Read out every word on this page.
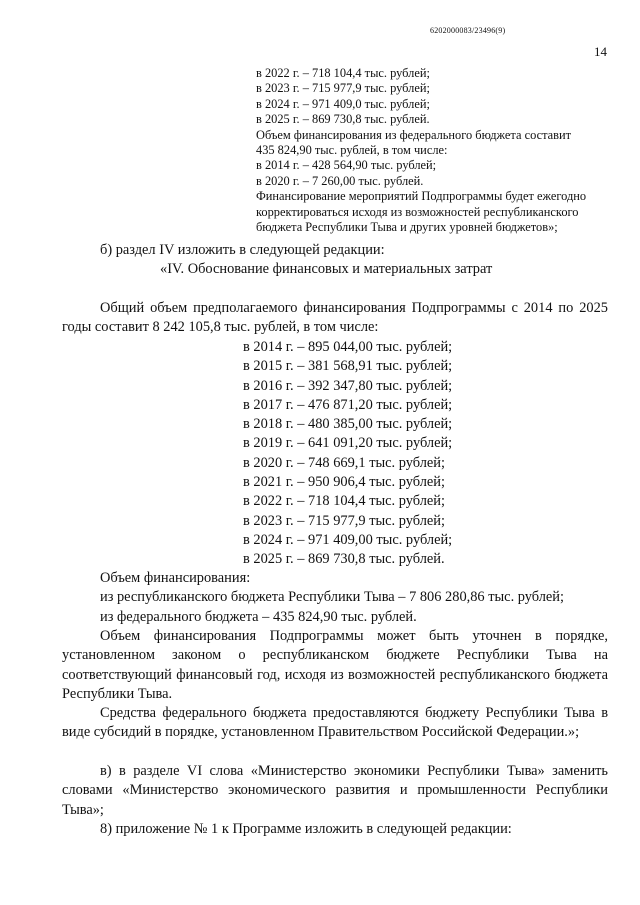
6202000083/23496(9)
14
в 2022 г. – 718 104,4 тыс. рублей;
в 2023 г. – 715 977,9 тыс. рублей;
в 2024 г. – 971 409,0 тыс. рублей;
в 2025 г. – 869 730,8 тыс. рублей.
Объем финансирования из федерального бюджета составит
435 824,90 тыс. рублей, в том числе:
в 2014 г. – 428 564,90 тыс. рублей;
в 2020 г. – 7 260,00 тыс. рублей.
Финансирование мероприятий Подпрограммы будет ежегодно
корректироваться исходя из возможностей республиканского
бюджета Республики Тыва и других уровней бюджетов»;

б) раздел IV изложить в следующей редакции:

«IV. Обоснование финансовых и материальных затрат

Общий объем предполагаемого финансирования Подпрограммы с 2014 по 2025 годы составит 8 242 105,8 тыс. рублей, в том числе:

в 2014 г. – 895 044,00 тыс. рублей;
в 2015 г. – 381 568,91 тыс. рублей;
в 2016 г. – 392 347,80 тыс. рублей;
в 2017 г. – 476 871,20 тыс. рублей;
в 2018 г. – 480 385,00 тыс. рублей;
в 2019 г. – 641 091,20 тыс. рублей;
в 2020 г. – 748 669,1 тыс. рублей;
в 2021 г. – 950 906,4 тыс. рублей;
в 2022 г. – 718 104,4 тыс. рублей;
в 2023 г. – 715 977,9 тыс. рублей;
в 2024 г. – 971 409,00 тыс. рублей;
в 2025 г. – 869 730,8 тыс. рублей.

Объем финансирования:

из республиканского бюджета Республики Тыва – 7 806 280,86 тыс. рублей;

из федерального бюджета – 435 824,90 тыс. рублей.

Объем финансирования Подпрограммы может быть уточнен в порядке, установленном законом о республиканском бюджете Республики Тыва на соответствующий финансовый год, исходя из возможностей республиканского бюджета Республики Тыва.

Средства федерального бюджета предоставляются бюджету Республики Тыва в виде субсидий в порядке, установленном Правительством Российской Федерации.»;

в) в разделе VI слова «Министерство экономики Республики Тыва» заменить словами «Министерство экономического развития и промышленности Республики Тыва»;

8) приложение № 1 к Программе изложить в следующей редакции:
